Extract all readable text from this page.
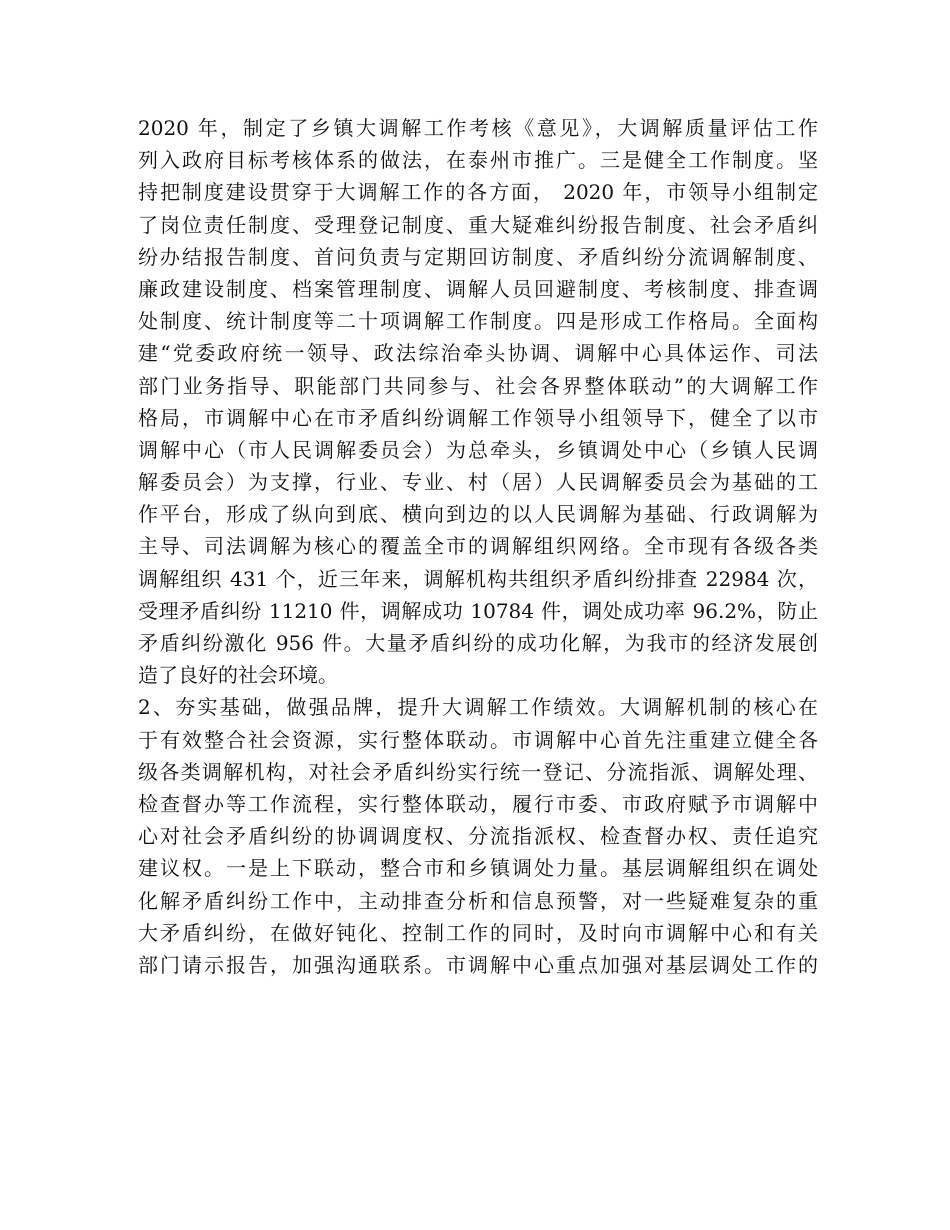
2020 年，制定了乡镇大调解工作考核《意见》，大调解质量评估工作
列入政府目标考核体系的做法，在泰州市推广。三是健全工作制度。坚
持把制度建设贯穿于大调解工作的各方面， 2020 年，市领导小组制定
了岗位责任制度、受理登记制度、重大疑难纠纷报告制度、社会矛盾纠
纷办结报告制度、首问负责与定期回访制度、矛盾纠纷分流调解制度、
廉政建设制度、档案管理制度、调解人员回避制度、考核制度、排查调
处制度、统计制度等二十项调解工作制度。四是形成工作格局。全面构
建“党委政府统一领导、政法综治牵头协调、调解中心具体运作、司法
部门业务指导、职能部门共同参与、社会各界整体联动”的大调解工作
格局，市调解中心在市矛盾纠纷调解工作领导小组领导下，健全了以市
调解中心（市人民调解委员会）为总牵头，乡镇调处中心（乡镇人民调
解委员会）为支撑，行业、专业、村（居）人民调解委员会为基础的工
作平台，形成了纵向到底、横向到边的以人民调解为基础、行政调解为
主导、司法调解为核心的覆盖全市的调解组织网络。全市现有各级各类
调解组织 431 个，近三年来，调解机构共组织矛盾纠纷排查 22984 次，
受理矛盾纠纷 11210 件，调解成功 10784 件，调处成功率 96.2%，防止
矛盾纠纷激化 956 件。大量矛盾纠纷的成功化解，为我市的经济发展创
造了良好的社会环境。
2、夯实基础，做强品牌，提升大调解工作绩效。大调解机制的核心在
于有效整合社会资源，实行整体联动。市调解中心首先注重建立健全各
级各类调解机构，对社会矛盾纠纷实行统一登记、分流指派、调解处理、
检查督办等工作流程，实行整体联动，履行市委、市政府赋予市调解中
心对社会矛盾纠纷的协调调度权、分流指派权、检查督办权、责任追究
建议权。一是上下联动，整合市和乡镇调处力量。基层调解组织在调处
化解矛盾纠纷工作中，主动排查分析和信息预警，对一些疑难复杂的重
大矛盾纠纷，在做好钝化、控制工作的同时，及时向市调解中心和有关
部门请示报告，加强沟通联系。市调解中心重点加强对基层调处工作的
